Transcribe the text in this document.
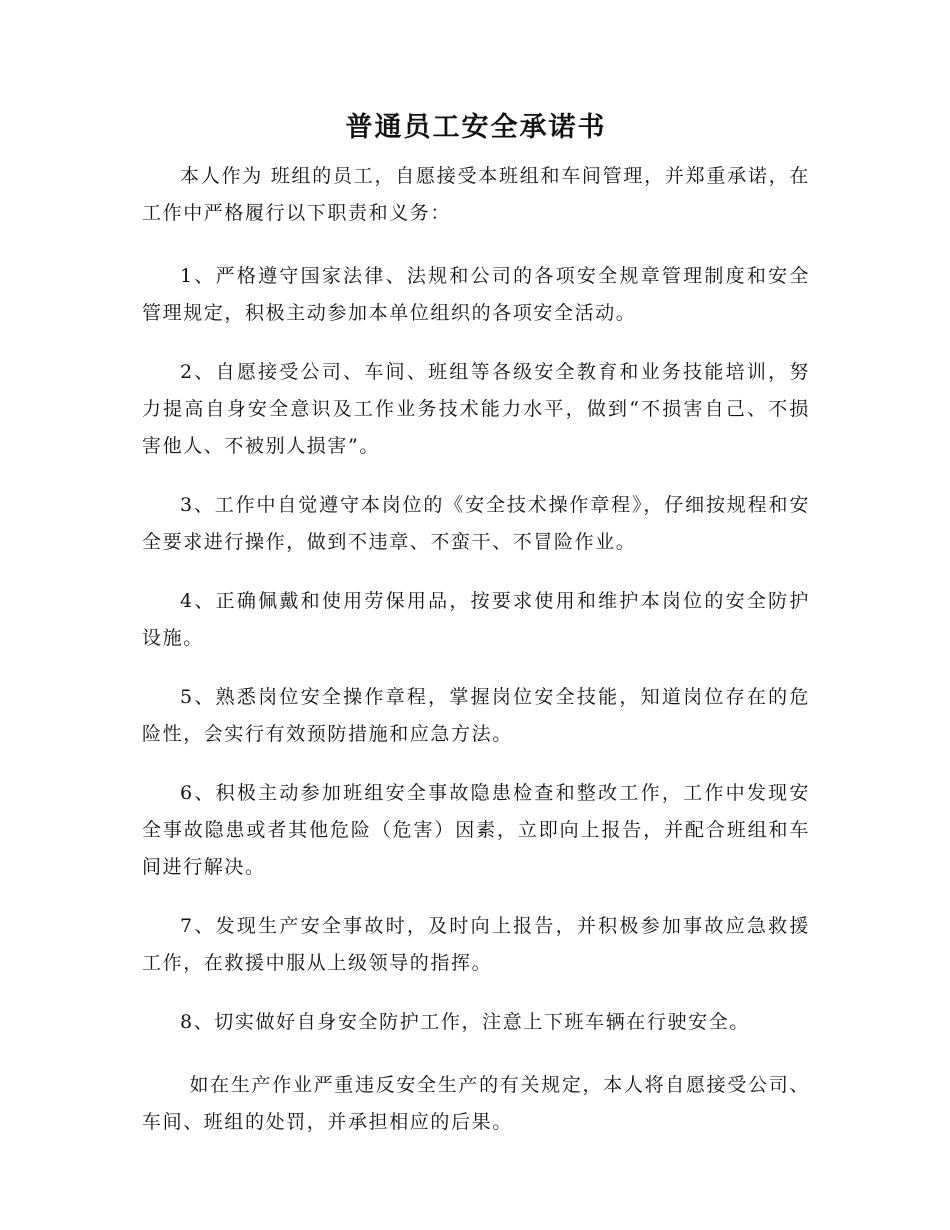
普通员工安全承诺书

本人作为 班组的员工，自愿接受本班组和车间管理，并郑重承诺，在工作中严格履行以下职责和义务：

1、严格遵守国家法律、法规和公司的各项安全规章管理制度和安全管理规定，积极主动参加本单位组织的各项安全活动。

2、自愿接受公司、车间、班组等各级安全教育和业务技能培训，努力提高自身安全意识及工作业务技术能力水平，做到“不损害自己、不损害他人、不被别人损害”。

3、工作中自觉遵守本岗位的《安全技术操作章程》，仔细按规程和安全要求进行操作，做到不违章、不蛮干、不冒险作业。

4、正确佩戴和使用劳保用品，按要求使用和维护本岗位的安全防护设施。

5、熟悉岗位安全操作章程，掌握岗位安全技能，知道岗位存在的危险性，会实行有效预防措施和应急方法。

6、积极主动参加班组安全事故隐患检查和整改工作，工作中发现安全事故隐患或者其他危险（危害）因素，立即向上报告，并配合班组和车间进行解决。

7、发现生产安全事故时，及时向上报告，并积极参加事故应急救援工作，在救援中服从上级领导的指挥。

8、切实做好自身安全防护工作，注意上下班车辆在行驶安全。

如在生产作业严重违反安全生产的有关规定，本人将自愿接受公司、车间、班组的处罚，并承担相应的后果。
